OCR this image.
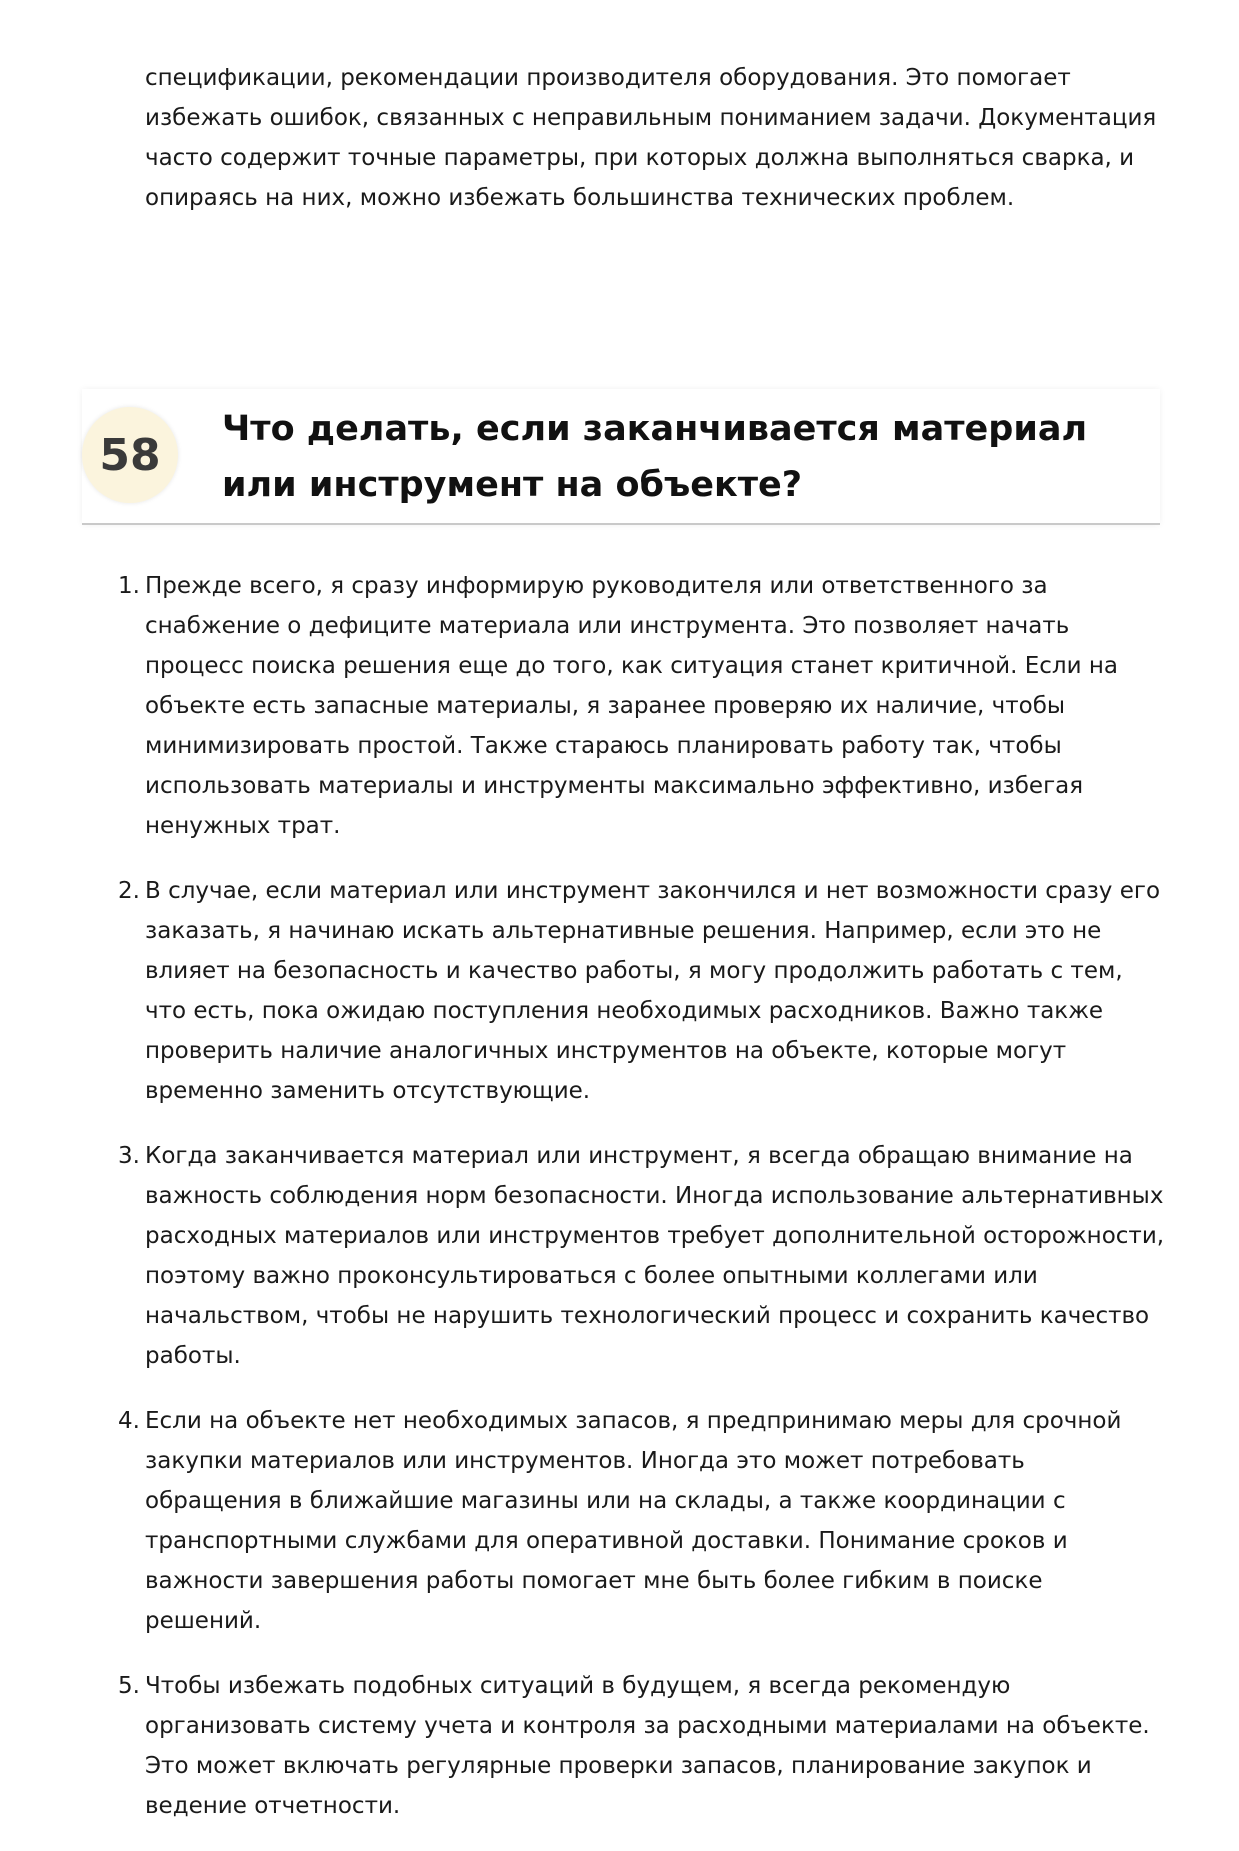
спецификации, рекомендации производителя оборудования. Это помогает избежать ошибок, связанных с неправильным пониманием задачи. Документация часто содержит точные параметры, при которых должна выполняться сварка, и опираясь на них, можно избежать большинства технических проблем.

58
Что делать, если заканчивается материал или инструмент на объекте?
1. Прежде всего, я сразу информирую руководителя или ответственного за снабжение о дефиците материала или инструмента. Это позволяет начать процесс поиска решения еще до того, как ситуация станет критичной. Если на объекте есть запасные материалы, я заранее проверяю их наличие, чтобы минимизировать простой. Также стараюсь планировать работу так, чтобы использовать материалы и инструменты максимально эффективно, избегая ненужных трат.
2. В случае, если материал или инструмент закончился и нет возможности сразу его заказать, я начинаю искать альтернативные решения. Например, если это не влияет на безопасность и качество работы, я могу продолжить работать с тем, что есть, пока ожидаю поступления необходимых расходников. Важно также проверить наличие аналогичных инструментов на объекте, которые могут временно заменить отсутствующие.
3. Когда заканчивается материал или инструмент, я всегда обращаю внимание на важность соблюдения норм безопасности. Иногда использование альтернативных расходных материалов или инструментов требует дополнительной осторожности, поэтому важно проконсультироваться с более опытными коллегами или начальством, чтобы не нарушить технологический процесс и сохранить качество работы.
4. Если на объекте нет необходимых запасов, я предпринимаю меры для срочной закупки материалов или инструментов. Иногда это может потребовать обращения в ближайшие магазины или на склады, а также координации с транспортными службами для оперативной доставки. Понимание сроков и важности завершения работы помогает мне быть более гибким в поиске решений.
5. Чтобы избежать подобных ситуаций в будущем, я всегда рекомендую организовать систему учета и контроля за расходными материалами на объекте. Это может включать регулярные проверки запасов, планирование закупок и ведение отчетности.
